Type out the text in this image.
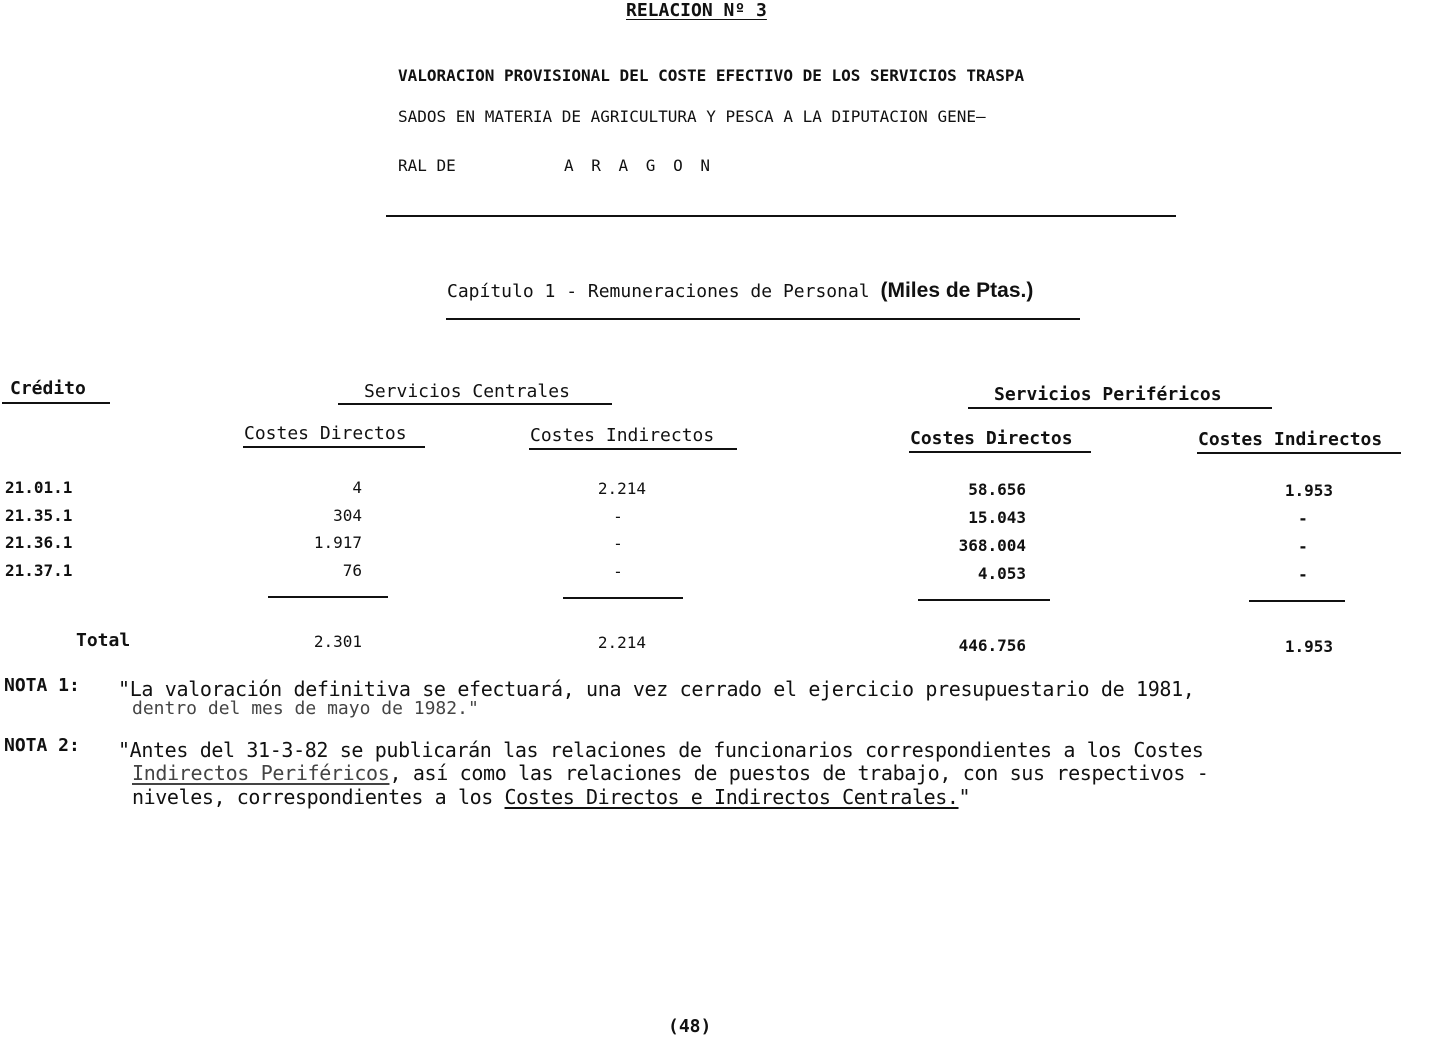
RELACION Nº 3
VALORACION PROVISIONAL DEL COSTE EFECTIVO DE LOS SERVICIOS TRASPA
SADOS EN MATERIA DE AGRICULTURA Y PESCA A LA DIPUTACION GENE—
RAL DE	A R A G O N
Capítulo 1 - Remuneraciones de Personal (Miles de Ptas.)
Crédito	Servicios Centrales	Servicios Periféricos
Costes Directos	Costes Indirectos	Costes Directos	Costes Indirectos
21.01.1	4	2.214	58.656	1.953
21.35.1	304	-	15.043	-
21.36.1	1.917	-	368.004	-
21.37.1	76	-	4.053	-
Total	2.301	2.214	446.756	1.953
NOTA 1: "La valoración definitiva se efectuará, una vez cerrado el ejercicio presupuestario de 1981,
dentro del mes de mayo de 1982."
NOTA 2: "Antes del 31-3-82 se publicarán las relaciones de funcionarios correspondientes a los Costes
Indirectos Periféricos, así como las relaciones de puestos de trabajo, con sus respectivos -
niveles, correspondientes a los Costes Directos e Indirectos Centrales."
(48)
